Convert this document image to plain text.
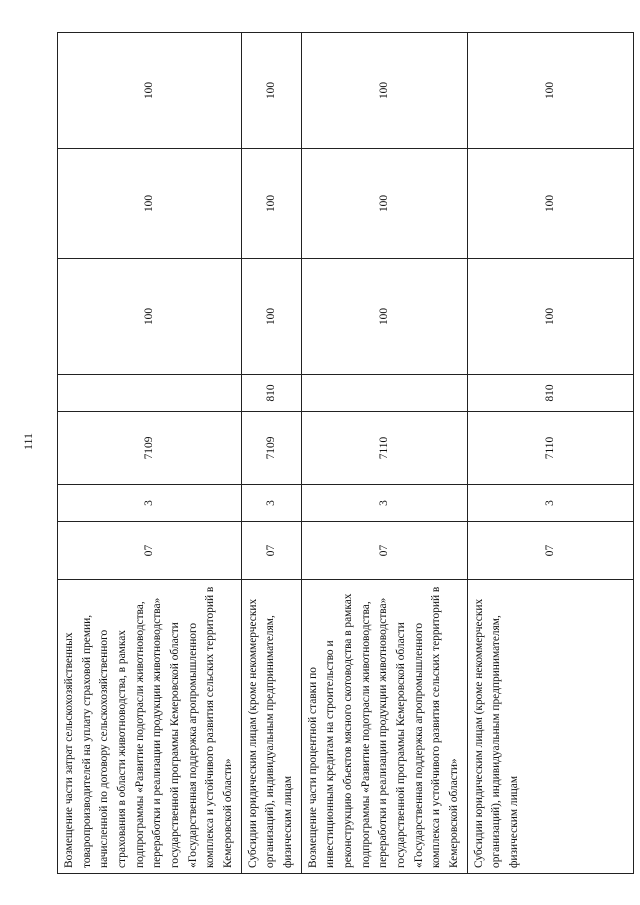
111
Возмещение части затрат сельскохозяйственных товаропроизводителей на уплату страховой премии, начисленной по договору сельскохозяйственного страхования в области животноводства, в рамках подпрограммы «Развитие подотрасли животноводства, переработки и реализации продукции животноводства» государственной программы Кемеровской области «Государственная поддержка агропромышленного комплекса и устойчивого развития сельских территорий в Кемеровской области»	07	3	7109		100	100	100
Субсидии юридическим лицам (кроме некоммерческих организаций), индивидуальным предпринимателям, физическим лицам	07	3	7109	810	100	100	100
Возмещение части процентной ставки по инвестиционным кредитам на строительство и реконструкцию объектов мясного скотоводства в рамках подпрограммы «Развитие подотрасли животноводства, переработки и реализации продукции животноводства» государственной программы Кемеровской области «Государственная поддержка агропромышленного комплекса и устойчивого развития сельских территорий в Кемеровской области»	07	3	7110		100	100	100
Субсидии юридическим лицам (кроме некоммерческих организаций), индивидуальным предпринимателям, физическим лицам	07	3	7110	810	100	100	100
